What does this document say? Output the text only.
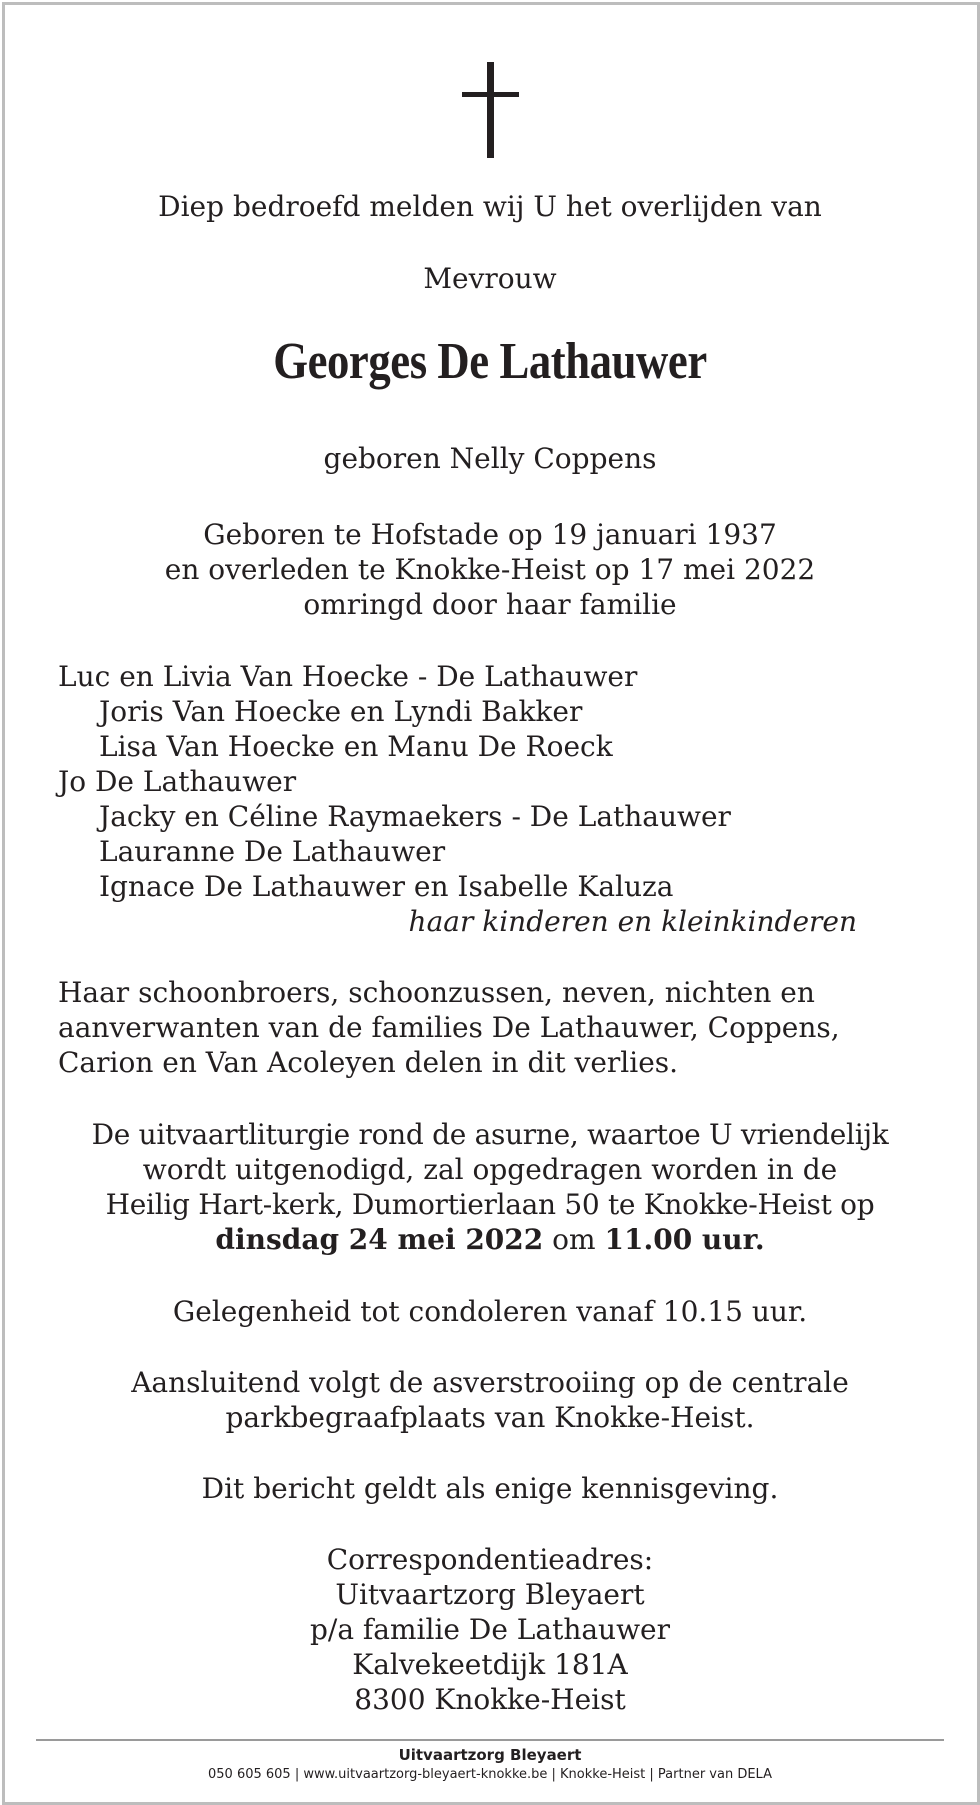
Diep bedroefd melden wij U het overlijden van
Mevrouw
Georges De Lathauwer
geboren Nelly Coppens
Geboren te Hofstade op 19 januari 1937
en overleden te Knokke-Heist op 17 mei 2022
omringd door haar familie
Luc en Livia Van Hoecke - De Lathauwer
Joris Van Hoecke en Lyndi Bakker
Lisa Van Hoecke en Manu De Roeck
Jo De Lathauwer
Jacky en Céline Raymaekers - De Lathauwer
Lauranne De Lathauwer
Ignace De Lathauwer en Isabelle Kaluza
haar kinderen en kleinkinderen
Haar schoonbroers, schoonzussen, neven, nichten en
aanverwanten van de families De Lathauwer, Coppens,
Carion en Van Acoleyen delen in dit verlies.
De uitvaartliturgie rond de asurne, waartoe U vriendelijk
wordt uitgenodigd, zal opgedragen worden in de
Heilig Hart-kerk, Dumortierlaan 50 te Knokke-Heist op
dinsdag 24 mei 2022 om 11.00 uur.
Gelegenheid tot condoleren vanaf 10.15 uur.
Aansluitend volgt de asverstrooiing op de centrale
parkbegraafplaats van Knokke-Heist.
Dit bericht geldt als enige kennisgeving.
Correspondentieadres:
Uitvaartzorg Bleyaert
p/a familie De Lathauwer
Kalvekeetdijk 181A
8300 Knokke-Heist
Uitvaartzorg Bleyaert
050 605 605 | www.uitvaartzorg-bleyaert-knokke.be | Knokke-Heist | Partner van DELA
